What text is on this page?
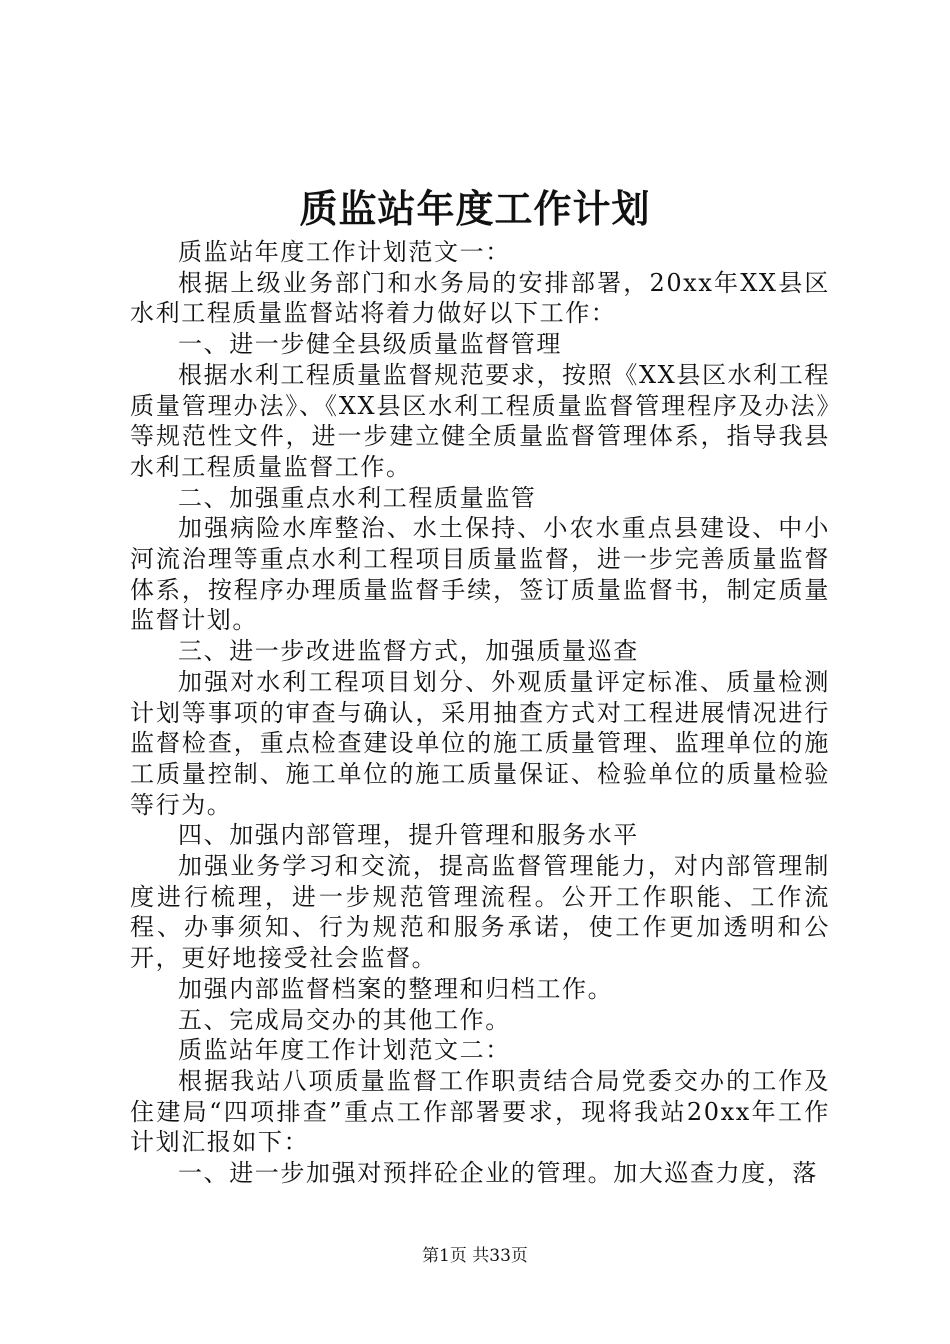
质监站年度工作计划

质监站年度工作计划范文一：

根据上级业务部门和水务局的安排部署，20xx年XX县区水利工程质量监督站将着力做好以下工作：

一、进一步健全县级质量监督管理

根据水利工程质量监督规范要求，按照《XX县区水利工程质量管理办法》、《XX县区水利工程质量监督管理程序及办法》等规范性文件，进一步建立健全质量监督管理体系，指导我县水利工程质量监督工作。

二、加强重点水利工程质量监管

加强病险水库整治、水土保持、小农水重点县建设、中小河流治理等重点水利工程项目质量监督，进一步完善质量监督体系，按程序办理质量监督手续，签订质量监督书，制定质量监督计划。

三、进一步改进监督方式，加强质量巡查

加强对水利工程项目划分、外观质量评定标准、质量检测计划等事项的审查与确认，采用抽查方式对工程进展情况进行监督检查，重点检查建设单位的施工质量管理、监理单位的施工质量控制、施工单位的施工质量保证、检验单位的质量检验等行为。

四、加强内部管理，提升管理和服务水平

加强业务学习和交流，提高监督管理能力，对内部管理制度进行梳理，进一步规范管理流程。公开工作职能、工作流程、办事须知、行为规范和服务承诺，使工作更加透明和公开，更好地接受社会监督。

加强内部监督档案的整理和归档工作。

五、完成局交办的其他工作。

质监站年度工作计划范文二：

根据我站八项质量监督工作职责结合局党委交办的工作及住建局“四项排查”重点工作部署要求，现将我站20xx年工作计划汇报如下：

一、进一步加强对预拌砼企业的管理。加大巡查力度，落

第1页 共33页
